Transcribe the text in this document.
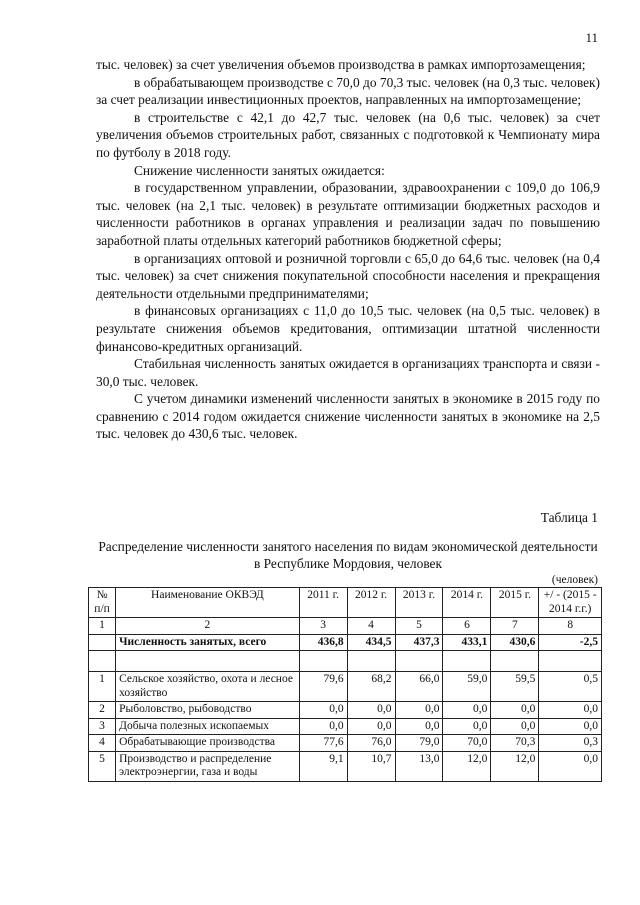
11

тыс. человек) за счет увеличения объемов производства в рамках импортозамещения;

в обрабатывающем производстве с 70,0 до 70,3 тыс. человек (на 0,3 тыс. человек) за счет реализации инвестиционных проектов, направленных на импортозамещение;

в строительстве с 42,1 до 42,7 тыс. человек (на 0,6 тыс. человек) за счет увеличения объемов строительных работ, связанных с подготовкой к Чемпионату мира по футболу в 2018 году.

Снижение численности занятых ожидается:

в государственном управлении, образовании, здравоохранении с 109,0 до 106,9 тыс. человек (на 2,1 тыс. человек) в результате оптимизации бюджетных расходов и численности работников в органах управления и реализации задач по повышению заработной платы отдельных категорий работников бюджетной сферы;

в организациях оптовой и розничной торговли с 65,0 до 64,6 тыс. человек (на 0,4 тыс. человек) за счет снижения покупательной способности населения и прекращения деятельности отдельными предпринимателями;

в финансовых организациях с 11,0 до 10,5 тыс. человек (на 0,5 тыс. человек) в результате снижения объемов кредитования, оптимизации штатной численности финансово-кредитных организаций.

Стабильная численность занятых ожидается в организациях транспорта и связи - 30,0 тыс. человек.

С учетом динамики изменений численности занятых в экономике в 2015 году по сравнению с 2014 годом ожидается снижение численности занятых в экономике на 2,5 тыс. человек до 430,6 тыс. человек.

Таблица 1
Распределение численности занятого населения по видам экономической деятельности в Республике Мордовия, человек
(человек)
№ п/п	Наименование ОКВЭД	2011 г.	2012 г.	2013 г.	2014 г.	2015 г.	+/ - (2015 - 2014 г.г.)
1	2	3	4	5	6	7	8
	Численность занятых, всего	436,8	434,5	437,3	433,1	430,6	-2,5

1	Сельское хозяйство, охота и лесное хозяйство	79,6	68,2	66,0	59,0	59,5	0,5
2	Рыболовство, рыбоводство	0,0	0,0	0,0	0,0	0,0	0,0
3	Добыча полезных ископаемых	0,0	0,0	0,0	0,0	0,0	0,0
4	Обрабатывающие производства	77,6	76,0	79,0	70,0	70,3	0,3
5	Производство и распределение электроэнергии, газа и воды	9,1	10,7	13,0	12,0	12,0	0,0
